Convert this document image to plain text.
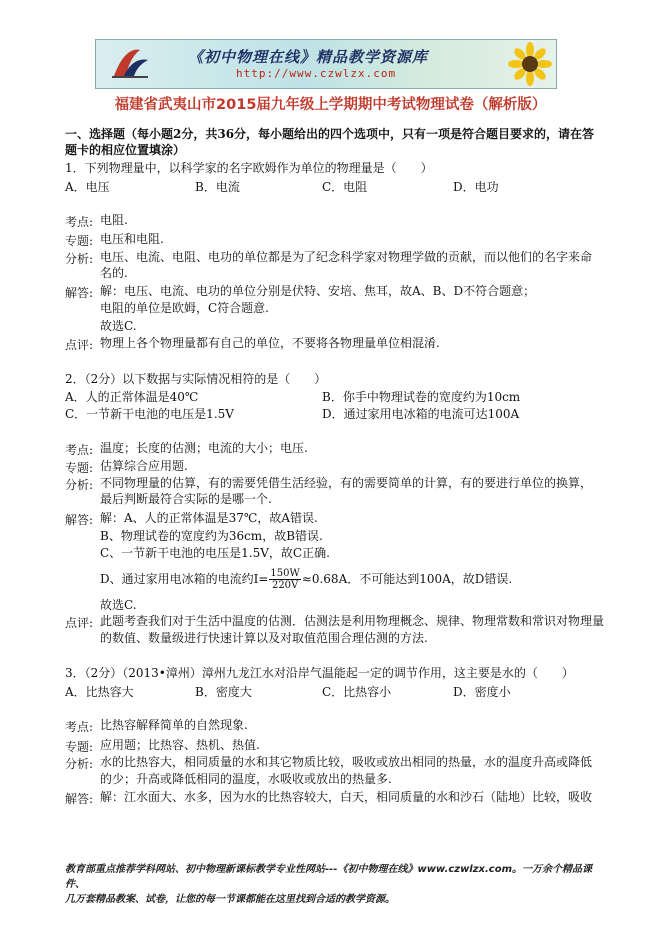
《初中物理在线》精品教学资源库
http://www.czwlzx.com
福建省武夷山市2015届九年级上学期期中考试物理试卷（解析版）
一、选择题（每小题2分，共36分，每小题给出的四个选项中，只有一项是符合题目要求的，请在答
题卡的相应位置填涂）
1．下列物理量中，以科学家的名字欧姆作为单位的物理量是（　　）
A．电压	B．电流	C．电阻	D．电功
考点: 电阻.
专题: 电压和电阻.
分析: 电压、电流、电阻、电功的单位都是为了纪念科学家对物理学做的贡献，而以他们的名字来命
名的.
解答: 解：电压、电流、电功的单位分别是伏特、安培、焦耳，故A、B、D不符合题意；
电阻的单位是欧姆，C符合题意.
故选C.
点评: 物理上各个物理量都有自己的单位，不要将各物理量单位相混淆.
2．（2分）以下数据与实际情况相符的是（　　）
A．人的正常体温是40℃	B．你手中物理试卷的宽度约为10cm
C．一节新干电池的电压是1.5V	D．通过家用电冰箱的电流可达100A
考点: 温度；长度的估测；电流的大小；电压.
专题: 估算综合应用题.
分析: 不同物理量的估算，有的需要凭借生活经验，有的需要简单的计算，有的要进行单位的换算，
最后判断最符合实际的是哪一个.
解答: 解：A、人的正常体温是37℃，故A错误.
B、物理试卷的宽度约为36cm，故B错误.
C、一节新干电池的电压是1.5V，故C正确.
D、通过家用电冰箱的电流约$I= \frac{150W}{220V} \approx 0.68A$．不可能达到100A，故D错误.
故选C.
点评: 此题考查我们对于生活中温度的估测．估测法是利用物理概念、规律、物理常数和常识对物理量
的数值、数量级进行快速计算以及对取值范围合理估测的方法.
3．（2分）（2013•漳州）漳州九龙江水对沿岸气温能起一定的调节作用，这主要是水的（　　）
A．比热容大	B．密度大	C．比热容小	D．密度小
考点: 比热容解释简单的自然现象.
专题: 应用题；比热容、热机、热值.
分析: 水的比热容大，相同质量的水和其它物质比较，吸收或放出相同的热量，水的温度升高或降低
的少；升高或降低相同的温度，水吸收或放出的热量多.
解答: 解：江水面大、水多，因为水的比热容较大，白天，相同质量的水和沙石（陆地）比较，吸收
教育部重点推荐学科网站、初中物理新课标教学专业性网站---《初中物理在线》www.czwlzx.com。一万余个精品课件、
几万套精品教案、试卷，让您的每一节课都能在这里找到合适的教学资源。
